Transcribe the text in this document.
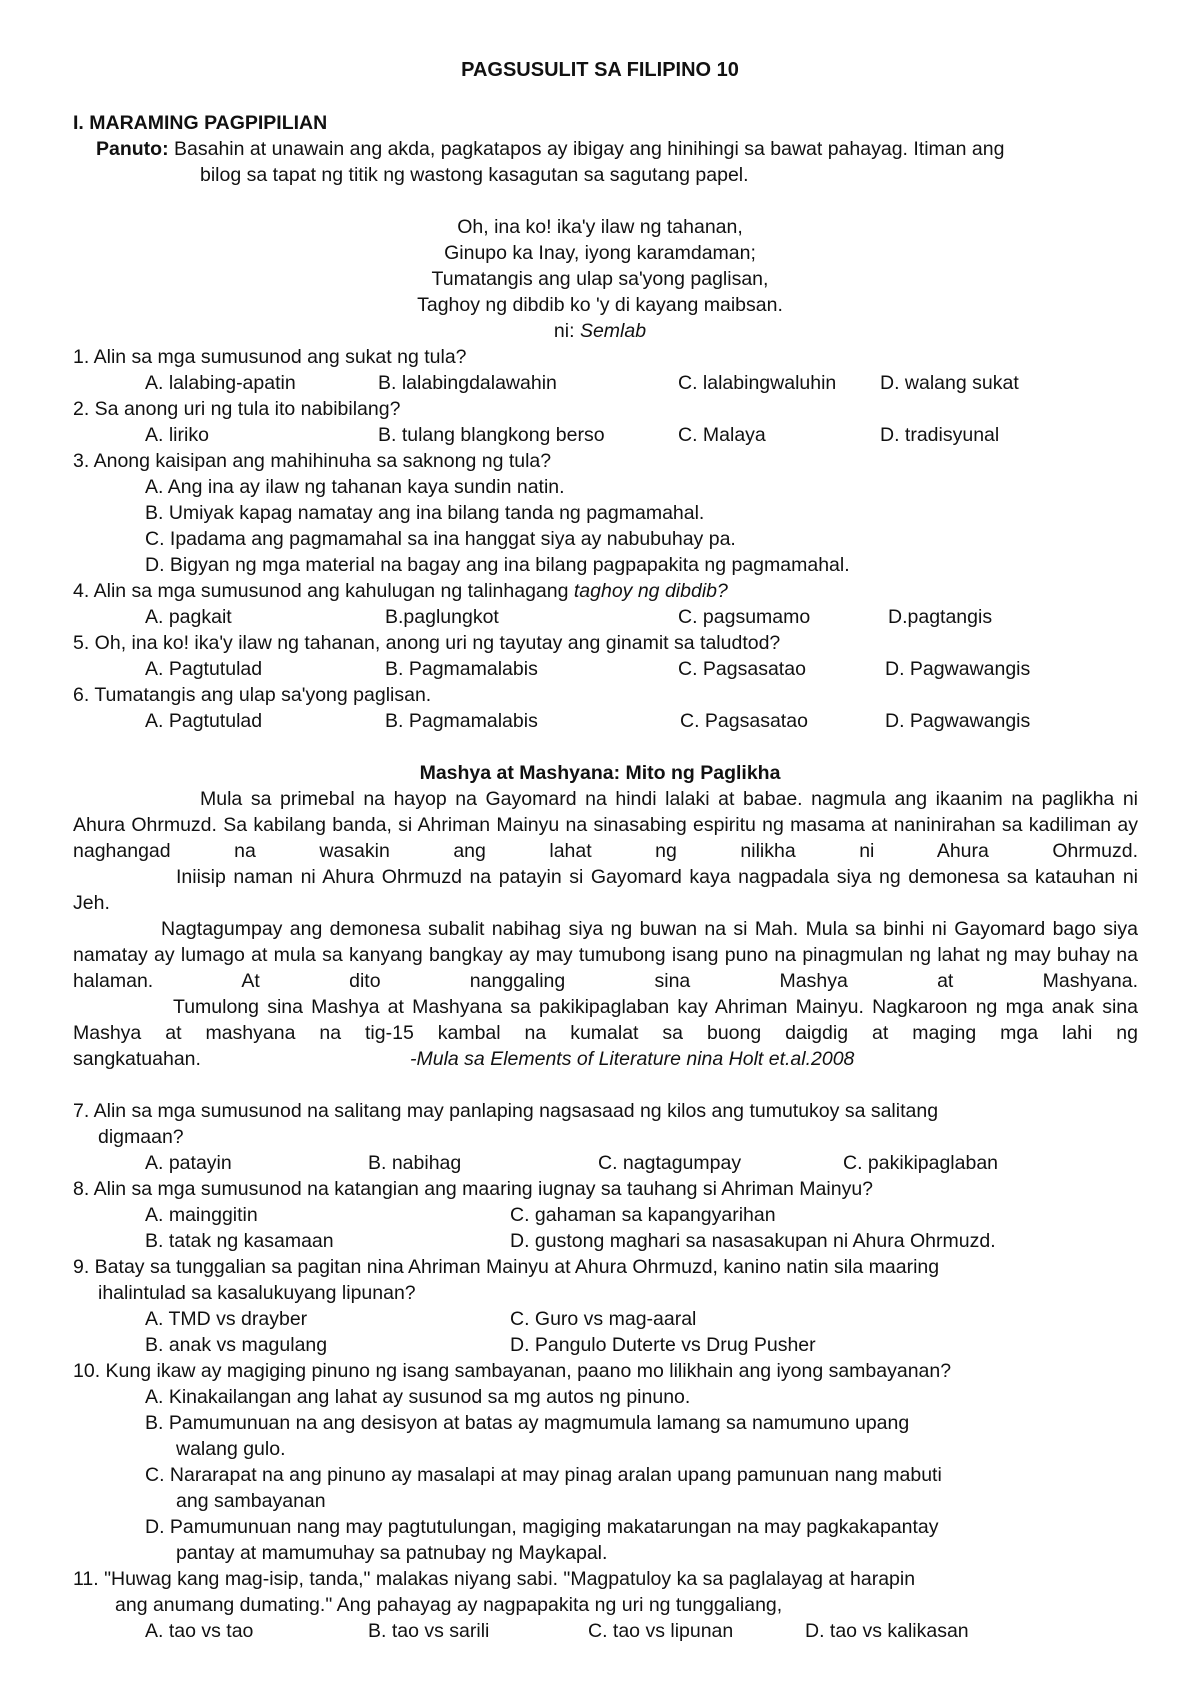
PAGSUSULIT SA FILIPINO 10
I. MARAMING PAGPIPILIAN
Panuto: Basahin at unawain ang akda, pagkatapos ay ibigay ang hinihingi sa bawat pahayag. Itiman ang
bilog sa tapat ng titik ng wastong kasagutan sa sagutang papel.
Oh, ina ko! ika'y ilaw ng tahanan,
Ginupo ka Inay, iyong karamdaman;
Tumatangis ang ulap sa'yong paglisan,
Taghoy ng dibdib ko 'y di kayang maibsan.
ni: Semlab
1. Alin sa mga sumusunod ang sukat ng tula?
A. lalabing-apatin	B. lalabingdalawahin	C. lalabingwaluhin D. walang sukat
2. Sa anong uri ng tula ito nabibilang?
A. liriko	B. tulang blangkong berso	C. Malaya	D. tradisyunal
3. Anong kaisipan ang mahihinuha sa saknong ng tula?
A. Ang ina ay ilaw ng tahanan kaya sundin natin.
B. Umiyak kapag namatay ang ina bilang tanda ng pagmamahal.
C. Ipadama ang pagmamahal sa ina hanggat siya ay nabubuhay pa.
D. Bigyan ng mga material na bagay ang ina bilang pagpapakita ng pagmamahal.
4. Alin sa mga sumusunod ang kahulugan ng talinhagang taghoy ng dibdib?
A. pagkait	B.paglungkot	C. pagsumamo	D.pagtangis
5. Oh, ina ko! ika'y ilaw ng tahanan, anong uri ng tayutay ang ginamit sa taludtod?
A. Pagtutulad	B. Pagmamalabis	C. Pagsasatao	D. Pagwawangis
6. Tumatangis ang ulap sa'yong paglisan.
A. Pagtutulad	B. Pagmamalabis	C. Pagsasatao	D. Pagwawangis
Mashya at Mashyana: Mito ng Paglikha
Mula sa primebal na hayop na Gayomard na hindi lalaki at babae. nagmula ang ikaanim na paglikha ni Ahura Ohrmuzd. Sa kabilang banda, si Ahriman Mainyu na sinasabing espiritu ng masama at naninirahan sa kadiliman ay naghangad na wasakin ang lahat ng nilikha ni Ahura Ohrmuzd.
Iniisip naman ni Ahura Ohrmuzd na patayin si Gayomard kaya nagpadala siya ng demonesa sa katauhan ni Jeh.
Nagtagumpay ang demonesa subalit nabihag siya ng buwan na si Mah. Mula sa binhi ni Gayomard bago siya namatay ay lumago at mula sa kanyang bangkay ay may tumubong isang puno na pinagmulan ng lahat ng may buhay na halaman. At dito nanggaling sina Mashya at Mashyana.
Tumulong sina Mashya at Mashyana sa pakikipaglaban kay Ahriman Mainyu. Nagkaroon ng mga anak sina Mashya at mashyana na tig-15 kambal na kumalat sa buong daigdig at maging mga lahi ng
sangkatuahan.	-Mula sa Elements of Literature nina Holt et.al.2008
7. Alin sa mga sumusunod na salitang may panlaping nagsasaad ng kilos ang tumutukoy sa salitang
digmaan?
A. patayin	B. nabihag	C. nagtagumpay	C. pakikipaglaban
8. Alin sa mga sumusunod na katangian ang maaring iugnay sa tauhang si Ahriman Mainyu?
A. mainggitin	C. gahaman sa kapangyarihan
B. tatak ng kasamaan	D. gustong maghari sa nasasakupan ni Ahura Ohrmuzd.
9. Batay sa tunggalian sa pagitan nina Ahriman Mainyu at Ahura Ohrmuzd, kanino natin sila maaring
ihalintulad sa kasalukuyang lipunan?
A. TMD vs drayber	C. Guro vs mag-aaral
B. anak vs magulang	D. Pangulo Duterte vs Drug Pusher
10. Kung ikaw ay magiging pinuno ng isang sambayanan, paano mo lilikhain ang iyong sambayanan?
A. Kinakailangan ang lahat ay susunod sa mg autos ng pinuno.
B. Pamumunuan na ang desisyon at batas ay magmumula lamang sa namumuno upang
walang gulo.
C. Nararapat na ang pinuno ay masalapi at may pinag aralan upang pamunuan nang mabuti
ang sambayanan
D. Pamumunuan nang may pagtutulungan, magiging makatarungan na may pagkakapantay
pantay at mamumuhay sa patnubay ng Maykapal.
11. "Huwag kang mag-isip, tanda," malakas niyang sabi. "Magpatuloy ka sa paglalayag at harapin
ang anumang dumating." Ang pahayag ay nagpapakita ng uri ng tunggaliang,
A. tao vs tao	B. tao vs sarili	C. tao vs lipunan	D. tao vs kalikasan
